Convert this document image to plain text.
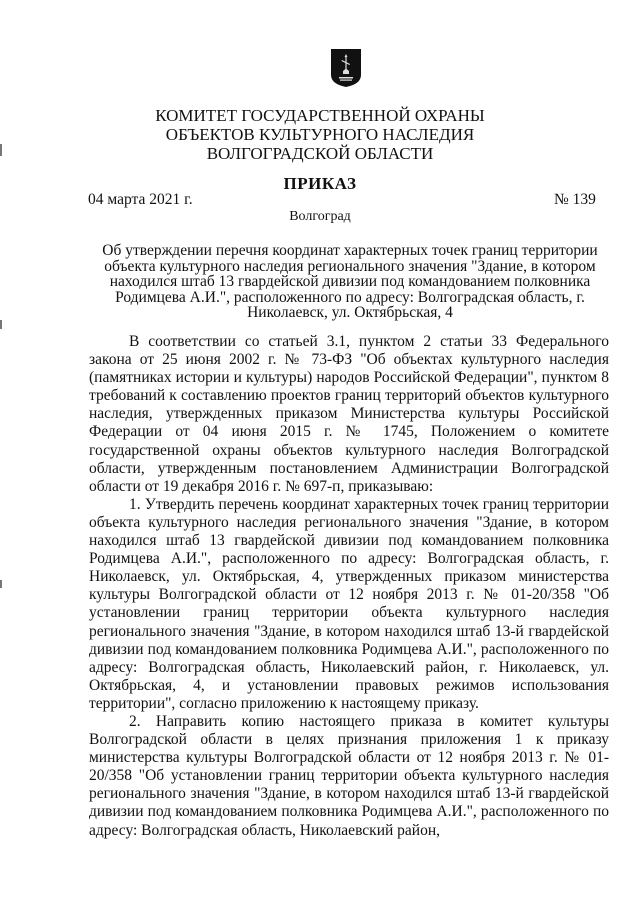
КОМИТЕТ ГОСУДАРСТВЕННОЙ ОХРАНЫ
ОБЪЕКТОВ КУЛЬТУРНОГО НАСЛЕДИЯ
ВОЛГОГРАДСКОЙ ОБЛАСТИ
ПРИКАЗ
04 марта 2021 г.	№ 139
Волгоград
Об утверждении перечня координат характерных точек границ территории объекта культурного наследия регионального значения "Здание, в котором находился штаб 13 гвардейской дивизии под командованием полковника Родимцева А.И.", расположенного по адресу: Волгоградская область, г. Николаевск, ул. Октябрьская, 4

В соответствии со статьей 3.1, пунктом 2 статьи 33 Федерального закона от 25 июня 2002 г. № 73-ФЗ "Об объектах культурного наследия (памятниках истории и культуры) народов Российской Федерации", пунктом 8 требований к составлению проектов границ территорий объектов культурного наследия, утвержденных приказом Министерства культуры Российской Федерации от 04 июня 2015 г. № 1745, Положением о комитете государственной охраны объектов культурного наследия Волгоградской области, утвержденным постановлением Администрации Волгоградской области от 19 декабря 2016 г. № 697-п, приказываю:

1. Утвердить перечень координат характерных точек границ территории объекта культурного наследия регионального значения "Здание, в котором находился штаб 13 гвардейской дивизии под командованием полковника Родимцева А.И.", расположенного по адресу: Волгоградская область, г. Николаевск, ул. Октябрьская, 4, утвержденных приказом министерства культуры Волгоградской области от 12 ноября 2013 г. № 01-20/358 "Об установлении границ территории объекта культурного наследия регионального значения "Здание, в котором находился штаб 13-й гвардейской дивизии под командованием полковника Родимцева А.И.", расположенного по адресу: Волгоградская область, Николаевский район, г. Николаевск, ул. Октябрьская, 4, и установлении правовых режимов использования территории", согласно приложению к настоящему приказу.

2. Направить копию настоящего приказа в комитет культуры Волгоградской области в целях признания приложения 1 к приказу министерства культуры Волгоградской области от 12 ноября 2013 г. № 01-20/358 "Об установлении границ территории объекта культурного наследия регионального значения "Здание, в котором находился штаб 13-й гвардейской дивизии под командованием полковника Родимцева А.И.", расположенного по адресу: Волгоградская область, Николаевский район,
